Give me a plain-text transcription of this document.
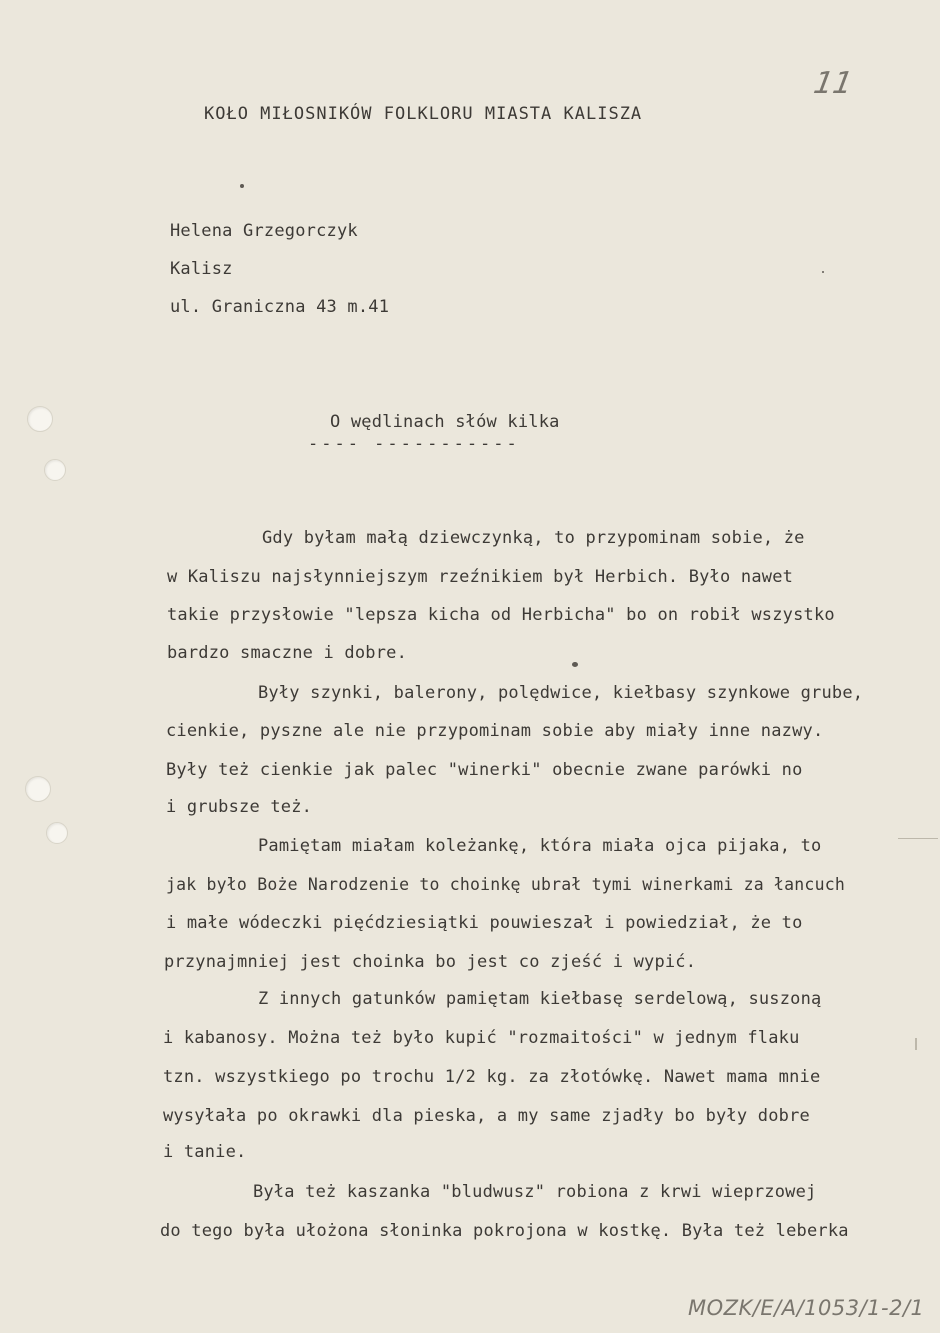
KOŁO MIŁOSNIKÓW FOLKLORU MIASTA KALISZA
11
Helena Grzegorczyk
Kalisz
ul. Graniczna 43 m.41
O wędlinach słów kilka
---- -----------
Gdy byłam małą dziewczynką, to przypominam sobie, że
w Kaliszu najsłynniejszym rzeźnikiem był Herbich. Było nawet
takie przysłowie "lepsza kicha od Herbicha" bo on robił wszystko
bardzo smaczne i dobre.
Były szynki, balerony, polędwice, kiełbasy szynkowe grube,
cienkie, pyszne ale nie przypominam sobie aby miały inne nazwy.
Były też cienkie jak palec "winerki" obecnie zwane parówki no
i grubsze też.
Pamiętam miałam koleżankę, która miała ojca pijaka, to
jak było Boże Narodzenie to choinkę ubrał tymi winerkami za łancuch
i małe wódeczki pięćdziesiątki pouwieszał i powiedział, że to
przynajmniej jest choinka bo jest co zjeść i wypić.
Z innych gatunków pamiętam kiełbasę serdelową, suszoną
i kabanosy. Można też było kupić "rozmaitości" w jednym flaku
tzn. wszystkiego po trochu 1/2 kg. za złotówkę. Nawet mama mnie
wysyłała po okrawki dla pieska, a my same zjadły bo były dobre
i tanie.
Była też kaszanka "bludwusz" robiona z krwi wieprzowej
do tego była ułożona słoninka pokrojona w kostkę. Była też leberka
MOZK/E/A/1053/1-2/1
